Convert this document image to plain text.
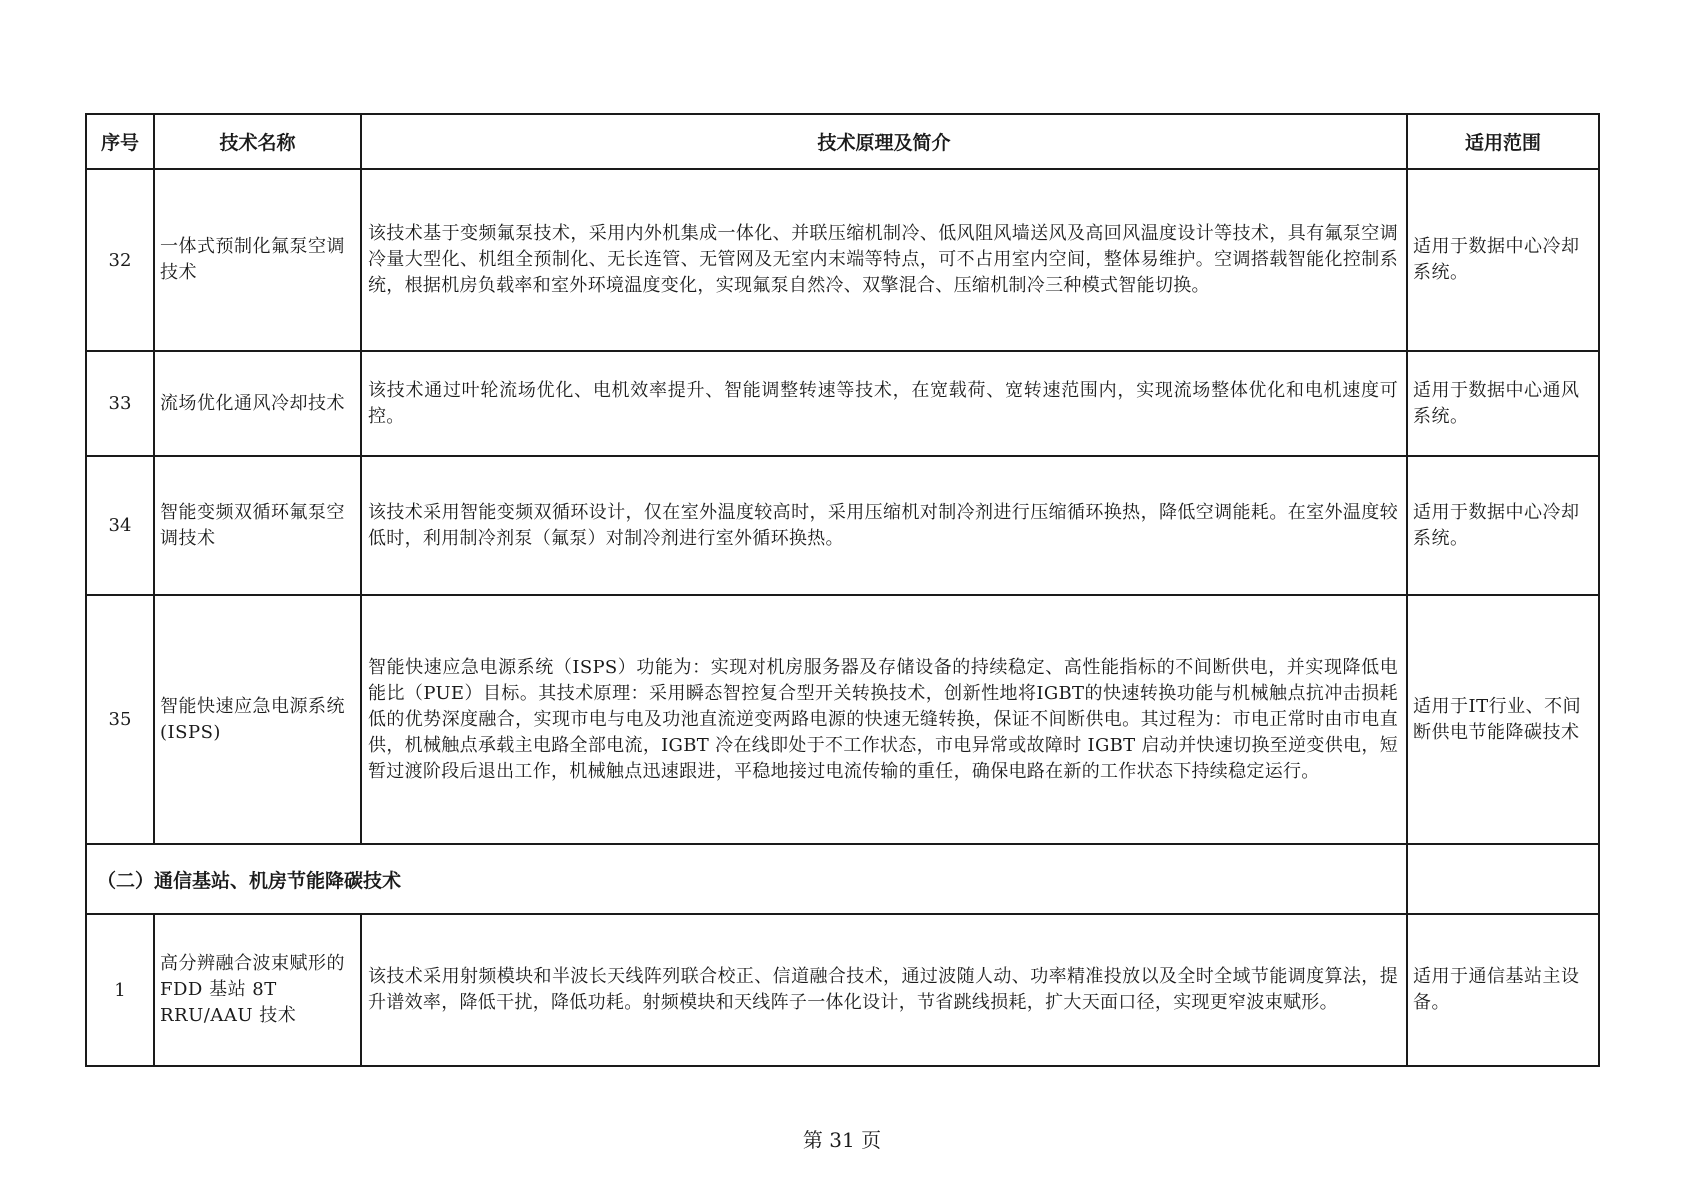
序号	技术名称	技术原理及简介	适用范围
32	一体式预制化氟泵空调技术	该技术基于变频氟泵技术，采用内外机集成一体化、并联压缩机制冷、低风阻风墙送风及高回风温度设计等技术，具有氟泵空调冷量大型化、机组全预制化、无长连管、无管网及无室内末端等特点，可不占用室内空间，整体易维护。空调搭载智能化控制系统，根据机房负载率和室外环境温度变化，实现氟泵自然冷、双擎混合、压缩机制冷三种模式智能切换。	适用于数据中心冷却系统。
33	流场优化通风冷却技术	该技术通过叶轮流场优化、电机效率提升、智能调整转速等技术，在宽载荷、宽转速范围内，实现流场整体优化和电机速度可控。	适用于数据中心通风系统。
34	智能变频双循环氟泵空调技术	该技术采用智能变频双循环设计，仅在室外温度较高时，采用压缩机对制冷剂进行压缩循环换热，降低空调能耗。在室外温度较低时，利用制冷剂泵（氟泵）对制冷剂进行室外循环换热。	适用于数据中心冷却系统。
35	智能快速应急电源系统(ISPS)	智能快速应急电源系统（ISPS）功能为：实现对机房服务器及存储设备的持续稳定、高性能指标的不间断供电，并实现降低电能比（PUE）目标。其技术原理：采用瞬态智控复合型开关转换技术，创新性地将IGBT的快速转换功能与机械触点抗冲击损耗低的优势深度融合，实现市电与电及功池直流逆变两路电源的快速无缝转换，保证不间断供电。其过程为：市电正常时由市电直供，机械触点承载主电路全部电流，IGBT 冷在线即处于不工作状态，市电异常或故障时 IGBT 启动并快速切换至逆变供电，短暂过渡阶段后退出工作，机械触点迅速跟进，平稳地接过电流传输的重任，确保电路在新的工作状态下持续稳定运行。	适用于IT行业、不间断供电节能降碳技术
（二）通信基站、机房节能降碳技术			
1	高分辨融合波束赋形的 FDD 基站 8T RRU/AAU 技术	该技术采用射频模块和半波长天线阵列联合校正、信道融合技术，通过波随人动、功率精准投放以及全时全域节能调度算法，提升谱效率，降低干扰，降低功耗。射频模块和天线阵子一体化设计，节省跳线损耗，扩大天面口径，实现更窄波束赋形。	适用于通信基站主设备。
第 31 页
